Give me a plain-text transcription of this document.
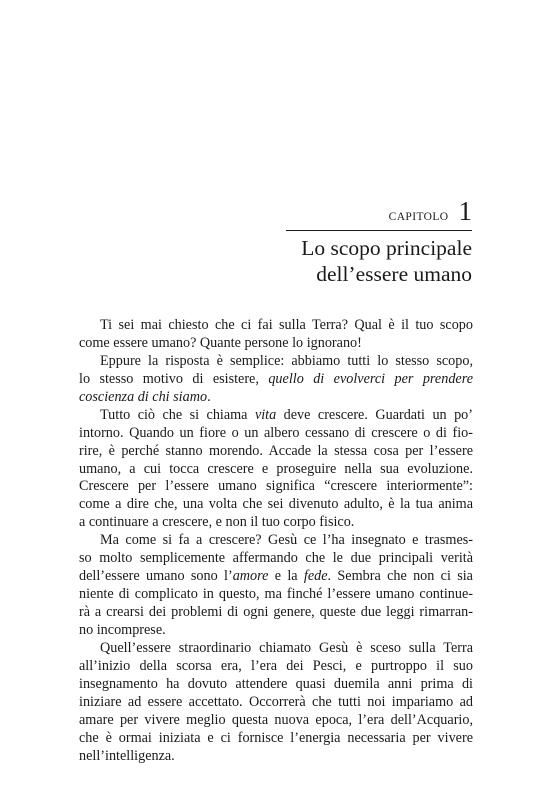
CAPITOLO 1
Lo scopo principale
dell’essere umano
Ti sei mai chiesto che ci fai sulla Terra? Qual è il tuo scopo
come essere umano? Quante persone lo ignorano!
Eppure la risposta è semplice: abbiamo tutti lo stesso scopo,
lo stesso motivo di esistere, quello di evolverci per prendere
coscienza di chi siamo.
Tutto ciò che si chiama vita deve crescere. Guardati un po’
intorno. Quando un fiore o un albero cessano di crescere o di fio-
rire, è perché stanno morendo. Accade la stessa cosa per l’essere
umano, a cui tocca crescere e proseguire nella sua evoluzione.
Crescere per l’essere umano significa “crescere interiormente”:
come a dire che, una volta che sei divenuto adulto, è la tua anima
a continuare a crescere, e non il tuo corpo fisico.
Ma come si fa a crescere? Gesù ce l’ha insegnato e trasmes-
so molto semplicemente affermando che le due principali verità
dell’essere umano sono l’amore e la fede. Sembra che non ci sia
niente di complicato in questo, ma finché l’essere umano continue-
rà a crearsi dei problemi di ogni genere, queste due leggi rimarran-
no incomprese.
Quell’essere straordinario chiamato Gesù è sceso sulla Terra
all’inizio della scorsa era, l’era dei Pesci, e purtroppo il suo
insegnamento ha dovuto attendere quasi duemila anni prima di
iniziare ad essere accettato. Occorrerà che tutti noi impariamo ad
amare per vivere meglio questa nuova epoca, l’era dell’Acquario,
che è ormai iniziata e ci fornisce l’energia necessaria per vivere
nell’intelligenza.
